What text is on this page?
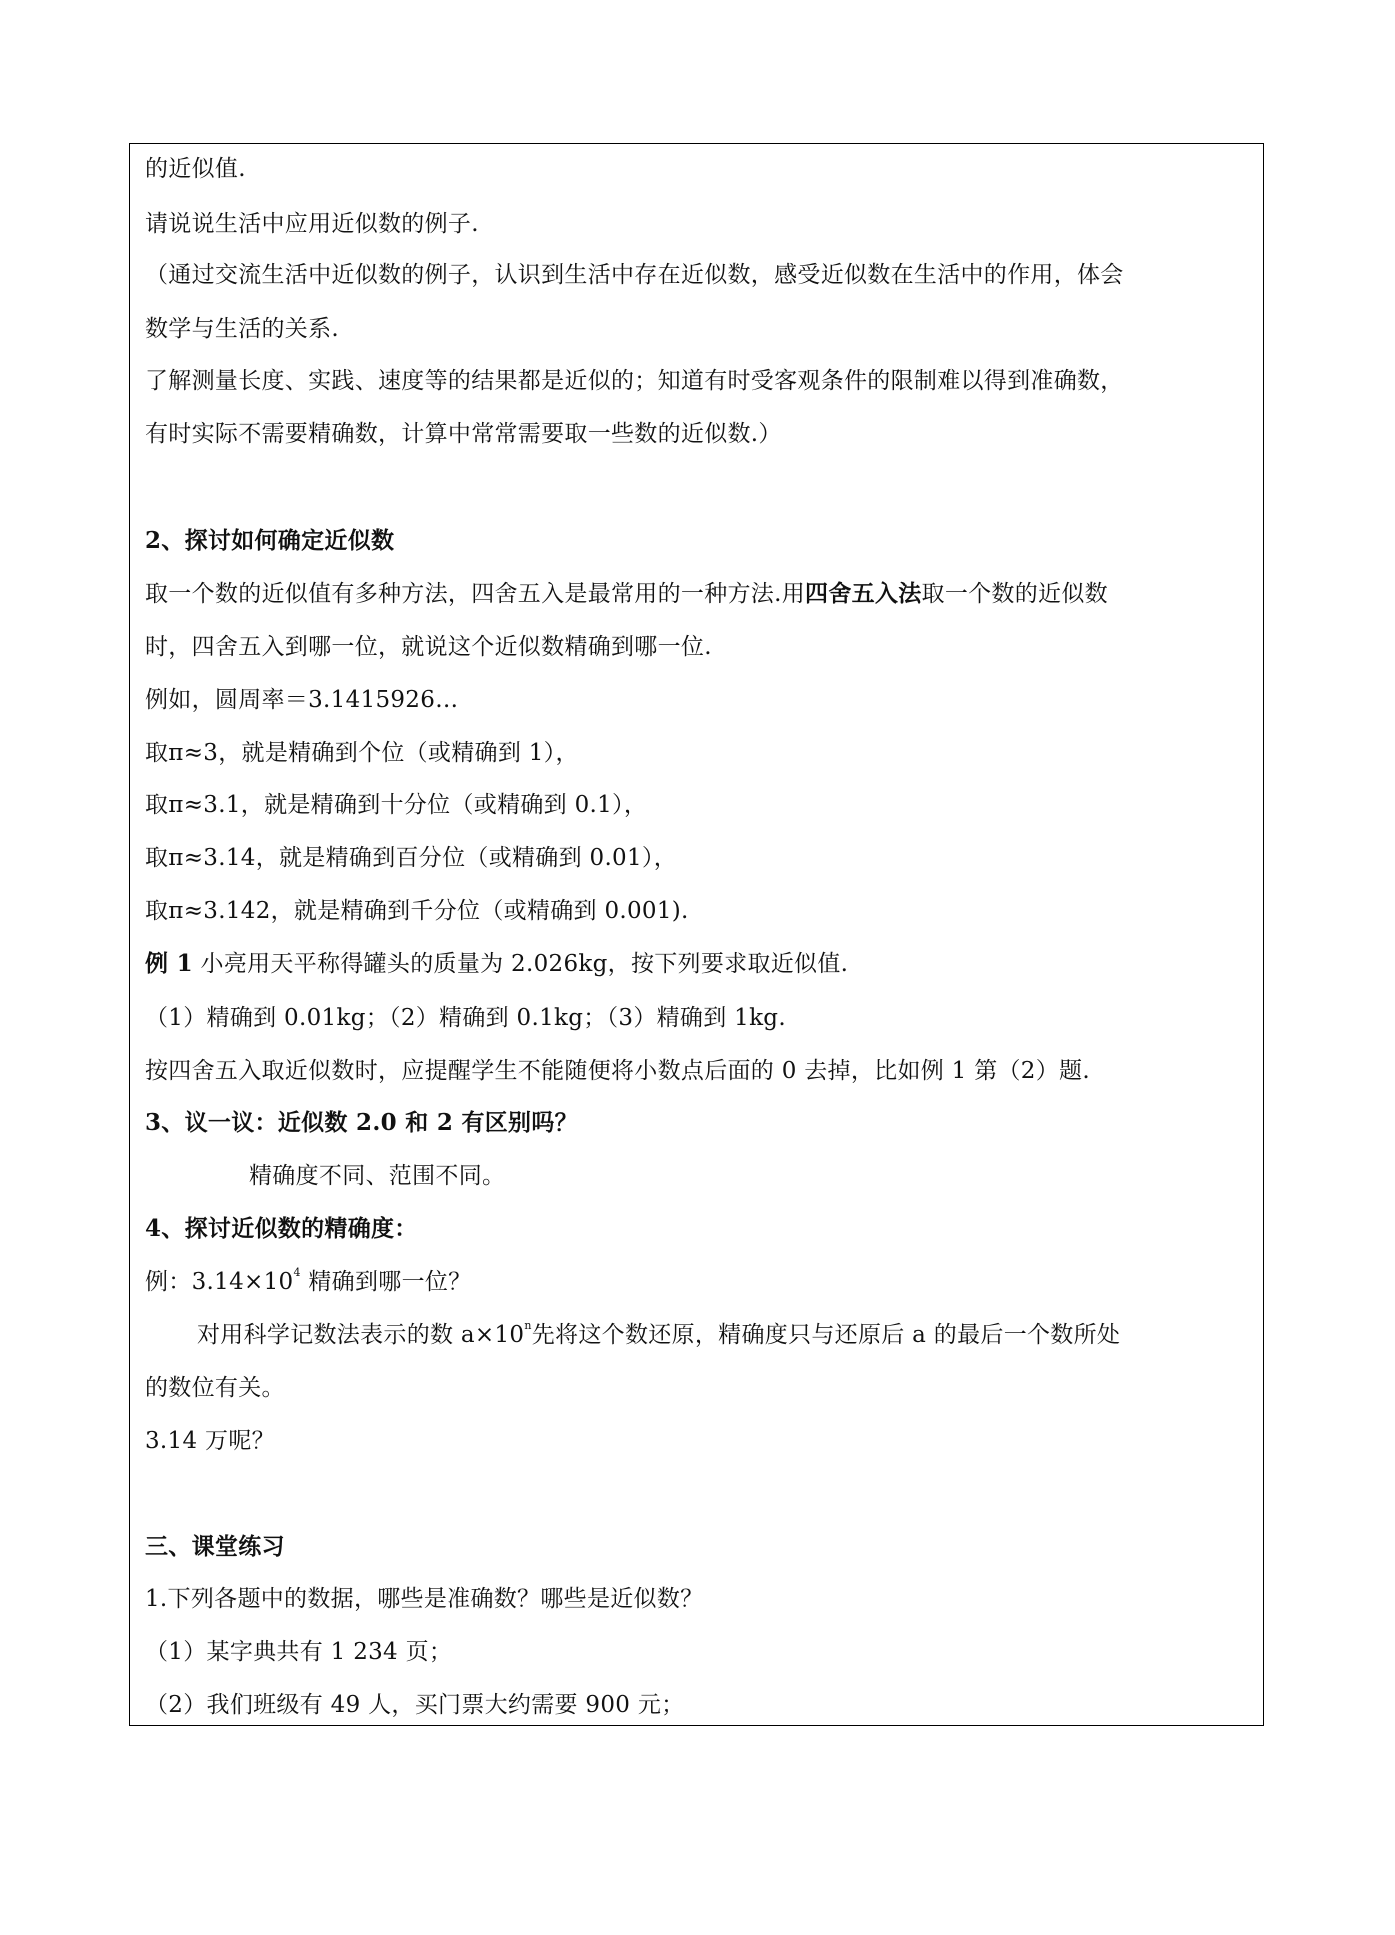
的近似值.
请说说生活中应用近似数的例子.
（通过交流生活中近似数的例子，认识到生活中存在近似数，感受近似数在生活中的作用，体会
数学与生活的关系.
了解测量长度、实践、速度等的结果都是近似的；知道有时受客观条件的限制难以得到准确数，
有时实际不需要精确数，计算中常常需要取一些数的近似数.）
2、探讨如何确定近似数
取一个数的近似值有多种方法，四舍五入是最常用的一种方法.用四舍五入法取一个数的近似数
时，四舍五入到哪一位，就说这个近似数精确到哪一位.
例如，圆周率＝3.1415926…
取π≈3，就是精确到个位（或精确到 1），
取π≈3.1，就是精确到十分位（或精确到 0.1），
取π≈3.14，就是精确到百分位（或精确到 0.01），
取π≈3.142，就是精确到千分位（或精确到 0.001).
例 1 小亮用天平称得罐头的质量为 2.026kg，按下列要求取近似值.
（1）精确到 0.01kg；（2）精确到 0.1kg；（3）精确到 1kg.
按四舍五入取近似数时，应提醒学生不能随便将小数点后面的 0 去掉，比如例 1 第（2）题.
3、议一议：近似数 2.0 和 2 有区别吗？
精确度不同、范围不同。
4、探讨近似数的精确度：
例：$3.14\times 10^4$ 精确到哪一位？
对用科学记数法表示的数 $a\times 10^n$先将这个数还原，精确度只与还原后 a 的最后一个数所处
的数位有关。
3.14 万呢？
三、课堂练习
1.下列各题中的数据，哪些是准确数？哪些是近似数？
（1）某字典共有 1 234 页；
（2）我们班级有 49 人，买门票大约需要 900 元；
